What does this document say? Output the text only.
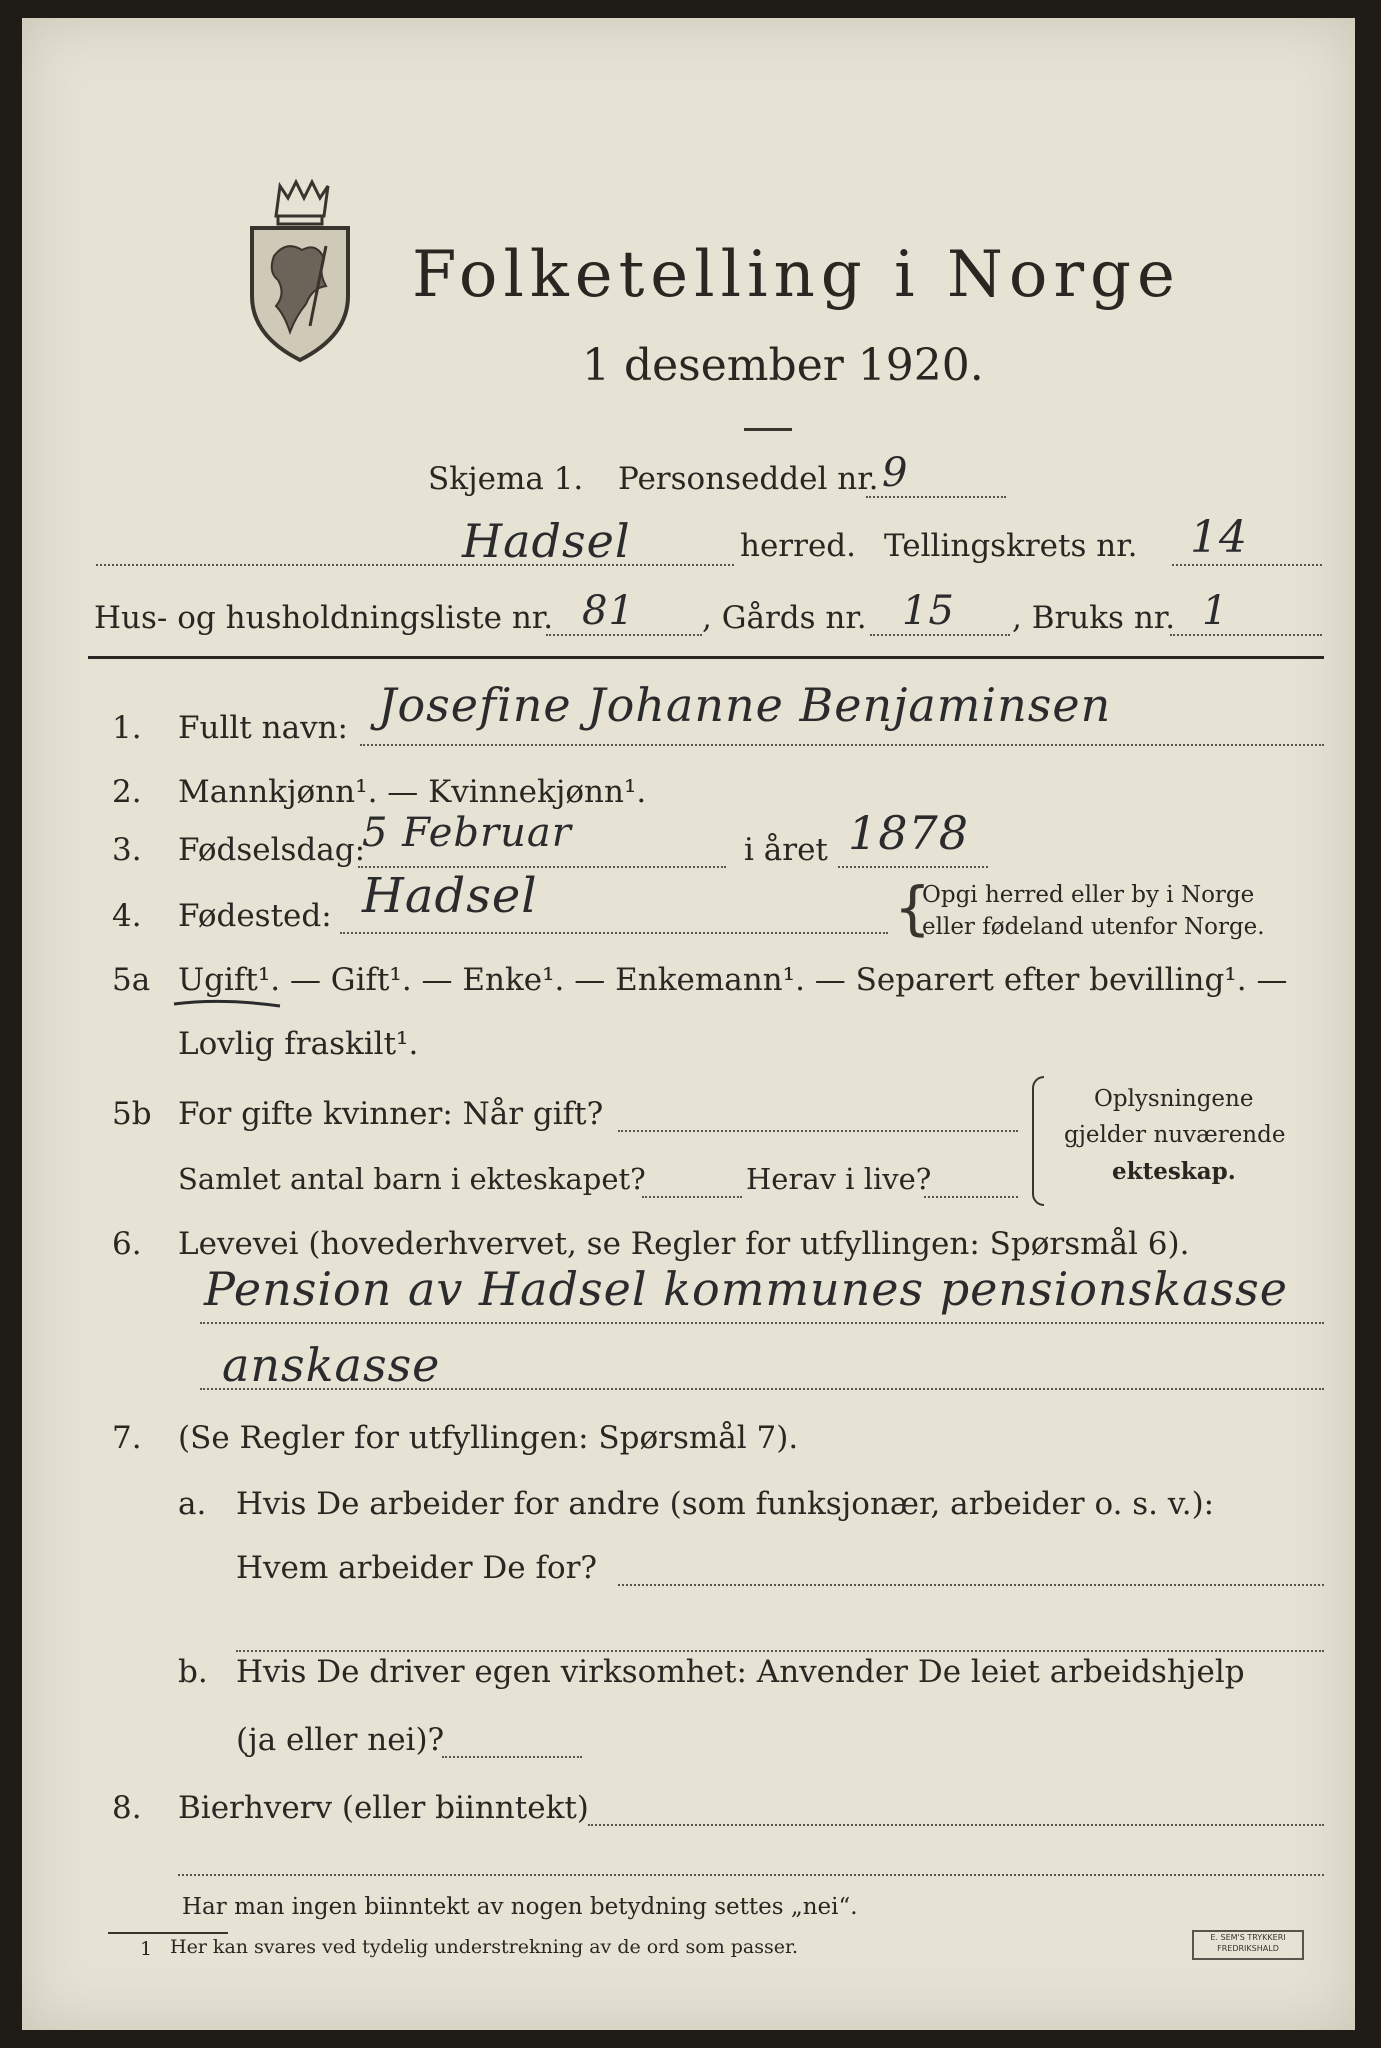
Folketelling i Norge
1 desember 1920.
Skjema 1. Personseddel nr. 9
Hadsel	herred. Tellingskrets nr. 14
Hus- og husholdningsliste nr. 81 , Gårds nr. 15 , Bruks nr. 1
1. Fullt navn: Josefine Johanne Benjaminsen
2. Mannkjønn¹. — Kvinnekjønn¹.
3. Fødselsdag:
5 Februar	i året 1878
4. Fødested: Hadsel	{
Opgi herred eller by i Norge
eller fødeland utenfor Norge.
5a Ugift¹. — Gift¹. — Enke¹. — Enkemann¹. — Separert efter bevilling¹. —
Lovlig fraskilt¹.
5b For gifte kvinner: Når gift?
Samlet antal barn i ekteskapet?	Herav i live?
Oplysningene
gjelder nuværende
ekteskap.
6. Levevei (hovederhvervet, se Regler for utfyllingen: Spørsmål 6).
Pension av Hadsel kommunes pensionskasse
anskasse
7. (Se Regler for utfyllingen: Spørsmål 7).
a. Hvis De arbeider for andre (som funksjonær, arbeider o. s. v.):
Hvem arbeider De for?
b. Hvis De driver egen virksomhet: Anvender De leiet arbeidshjelp
(ja eller nei)?
8. Bierhverv (eller biinntekt)
Har man ingen biinntekt av nogen betydning settes „nei“.
1 Her kan svares ved tydelig understrekning av de ord som passer.	E. SEM'S TRYKKERI
FREDRIKSHALD
